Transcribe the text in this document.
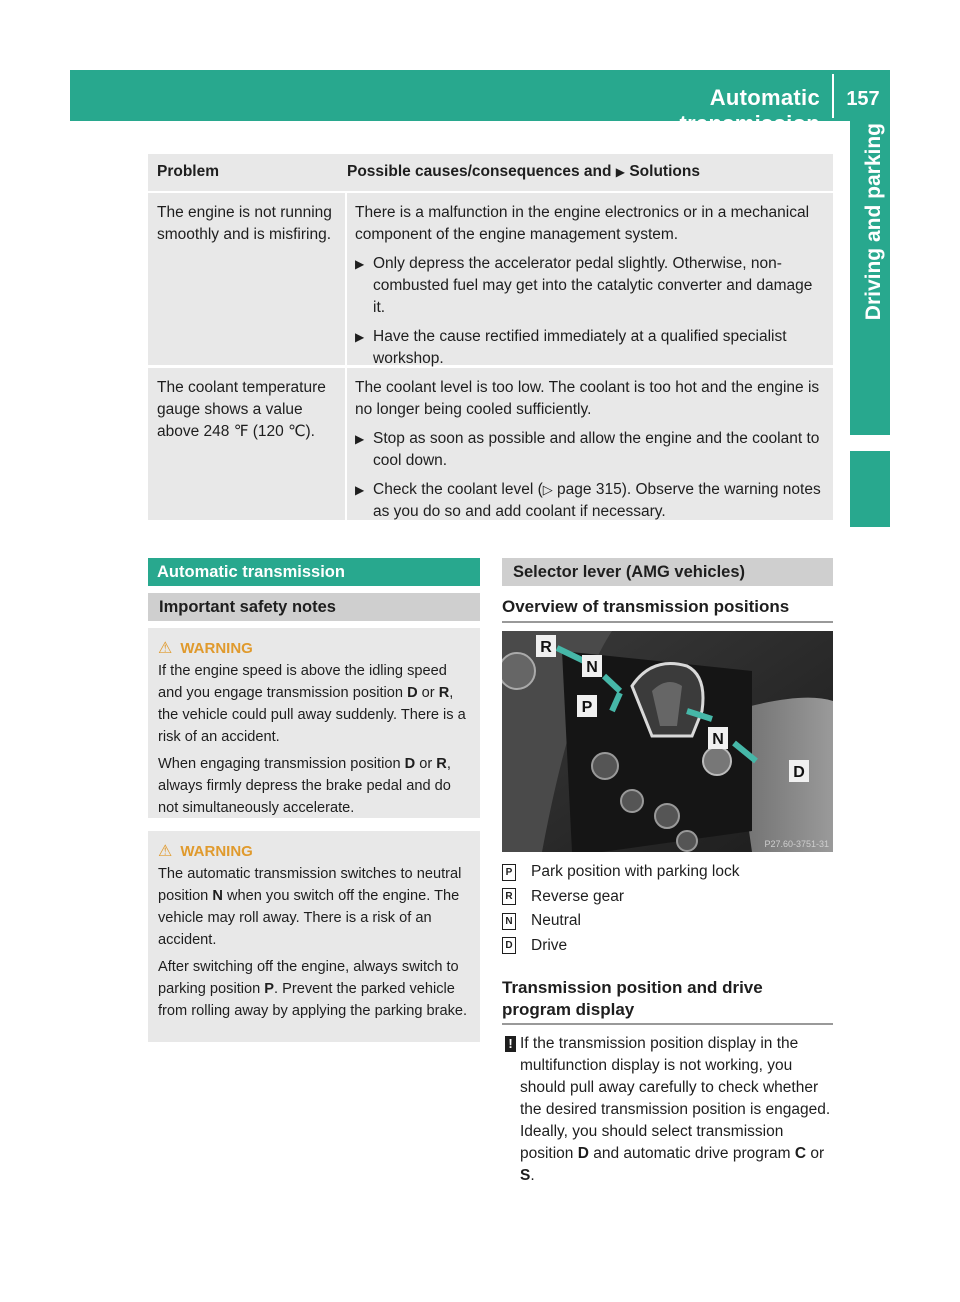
Automatic transmission
157
Driving and parking
Problem	Possible causes/consequences and ▶ Solutions
The engine is not running smoothly and is misfiring.

There is a malfunction in the engine electronics or in a mechanical component of the engine management system.

▶ Only depress the accelerator pedal slightly. Otherwise, non-combusted fuel may get into the catalytic converter and damage it.
▶ Have the cause rectified immediately at a qualified specialist workshop.
The coolant temperature gauge shows a value above 248 ℉ (120 ℃).

The coolant level is too low. The coolant is too hot and the engine is no longer being cooled sufficiently.

▶ Stop as soon as possible and allow the engine and the coolant to cool down.
▶ Check the coolant level (▷ page 315). Observe the warning notes as you do so and add coolant if necessary.
Automatic transmission
Important safety notes
⚠ WARNING

If the engine speed is above the idling speed and you engage transmission position D or R, the vehicle could pull away suddenly. There is a risk of an accident.

When engaging transmission position D or R, always firmly depress the brake pedal and do not simultaneously accelerate.

⚠ WARNING

The automatic transmission switches to neutral position N when you switch off the engine. The vehicle may roll away. There is a risk of an accident.

After switching off the engine, always switch to parking position P. Prevent the parked vehicle from rolling away by applying the parking brake.

Selector lever (AMG vehicles)
Overview of transmission positions
R
N
P
N
D
P27.60-3751-31
P Park position with parking lock
R Reverse gear
N Neutral
D Drive
Transmission position and drive program display
! If the transmission position display in the multifunction display is not working, you should pull away carefully to check whether the desired transmission position is engaged. Ideally, you should select transmission position D and automatic drive program C or S.
